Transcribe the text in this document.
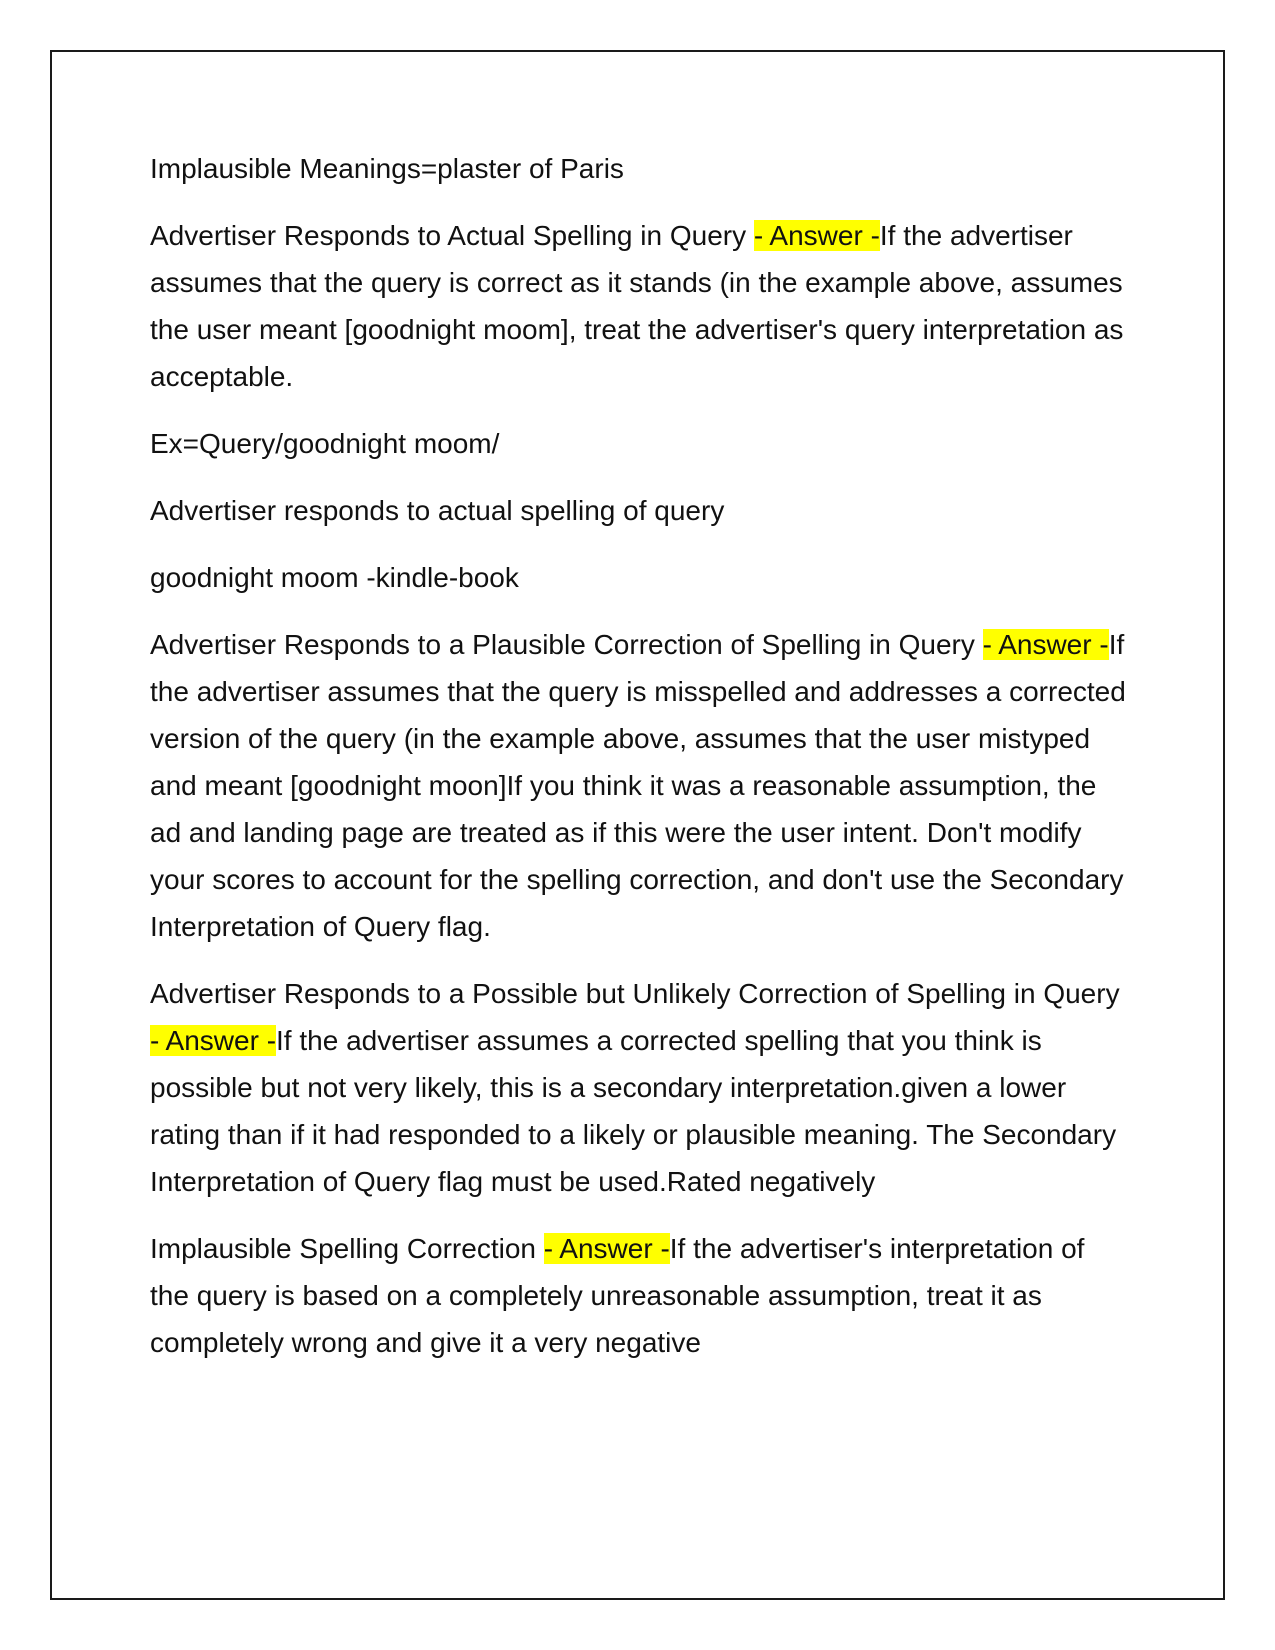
Implausible Meanings=plaster of Paris

Advertiser Responds to Actual Spelling in Query - Answer -If the advertiser assumes that the query is correct as it stands (in the example above, assumes the user meant [goodnight moom], treat the advertiser's query interpretation as acceptable.

Ex=Query/goodnight moom/

Advertiser responds to actual spelling of query

goodnight moom -kindle-book

Advertiser Responds to a Plausible Correction of Spelling in Query - Answer -If the advertiser assumes that the query is misspelled and addresses a corrected version of the query (in the example above, assumes that the user mistyped and meant [goodnight moon]If you think it was a reasonable assumption, the ad and landing page are treated as if this were the user intent. Don't modify your scores to account for the spelling correction, and don't use the Secondary Interpretation of Query flag.

Advertiser Responds to a Possible but Unlikely Correction of Spelling in Query - Answer -If the advertiser assumes a corrected spelling that you think is possible but not very likely, this is a secondary interpretation.given a lower rating than if it had responded to a likely or plausible meaning. The Secondary Interpretation of Query flag must be used.Rated negatively

Implausible Spelling Correction - Answer -If the advertiser's interpretation of the query is based on a completely unreasonable assumption, treat it as completely wrong and give it a very negative
